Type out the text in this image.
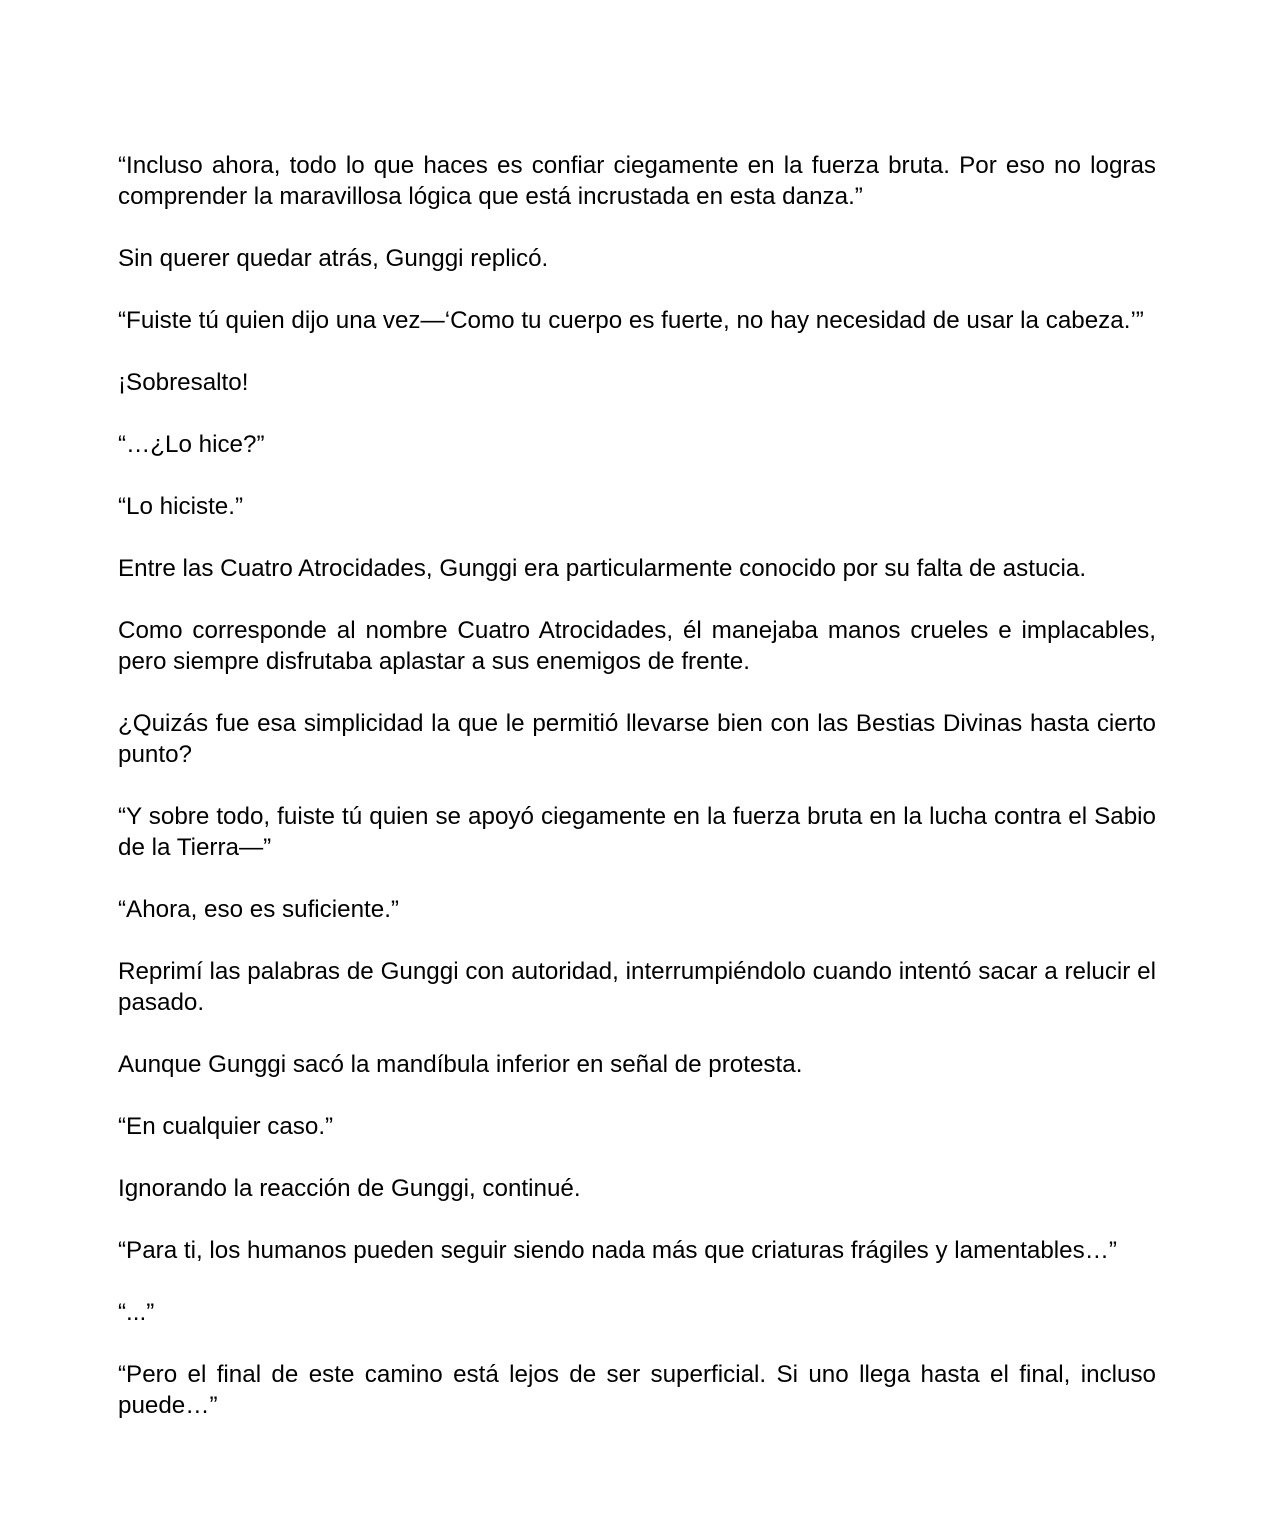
“Incluso ahora, todo lo que haces es confiar ciegamente en la fuerza bruta. Por eso no logras comprender la maravillosa lógica que está incrustada en esta danza.”

Sin querer quedar atrás, Gunggi replicó.

“Fuiste tú quien dijo una vez—‘Como tu cuerpo es fuerte, no hay necesidad de usar la cabeza.’”

¡Sobresalto!

“…¿Lo hice?”

“Lo hiciste.”

Entre las Cuatro Atrocidades, Gunggi era particularmente conocido por su falta de astucia.

Como corresponde al nombre Cuatro Atrocidades, él manejaba manos crueles e implacables, pero siempre disfrutaba aplastar a sus enemigos de frente.

¿Quizás fue esa simplicidad la que le permitió llevarse bien con las Bestias Divinas hasta cierto punto?

“Y sobre todo, fuiste tú quien se apoyó ciegamente en la fuerza bruta en la lucha contra el Sabio de la Tierra—”

“Ahora, eso es suficiente.”

Reprimí las palabras de Gunggi con autoridad, interrumpiéndolo cuando intentó sacar a relucir el pasado.

Aunque Gunggi sacó la mandíbula inferior en señal de protesta.

“En cualquier caso.”

Ignorando la reacción de Gunggi, continué.

“Para ti, los humanos pueden seguir siendo nada más que criaturas frágiles y lamentables…”

“...”

“Pero el final de este camino está lejos de ser superficial. Si uno llega hasta el final, incluso puede…”
